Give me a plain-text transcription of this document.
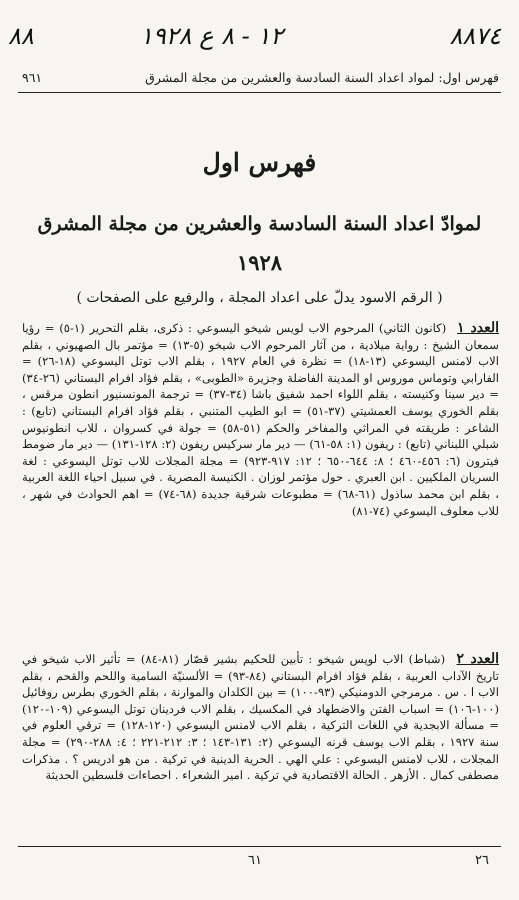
٨٨	١٢ - ٨ ع ١٩٢٨	٨٨٧٤
فهرس اول: لمواد اعداد السنة السادسة والعشرين من مجلة المشرق
٩٦١
فهرس اول
لموادّ اعداد السنة السادسة والعشرين من مجلة المشرق
١٩٢٨
( الرقم الاسود يدلّ على اعداد المجلة ، والرفيع على الصفحات )
العدد ١ (كانون الثاني) المرحوم الاب لويس شيخو اليسوعي : ذكرى، بقلم التحرير (١-٥) = رؤيا سمعان الشيخ : رواية ميلادية ، من آثار المرحوم الاب شيخو (٥-١٣) = مؤتمر بال الصهيوني ، بقلم الاب لامنس اليسوعي (١٣-١٨) = نظرة في العام ١٩٢٧ ، بقلم الاب توتل اليسوعي (١٨-٢٦) = الفارابي وتوماس موروس او المدينة الفاضلة وجزيرة «الطوبى» ، بقلم فؤاد افرام البستاني (٢٦-٣٤) = دير سينا وكنيسته ، بقلم اللواء احمد شفيق باشا (٣٤-٣٧) = ترجمة المونسنيور انطون مرقس ، بقلم الخوري يوسف العمشيتي (٣٧-٥١) = ابو الطيب المتنبي ، بقلم فؤاد افرام البستاني (تابع) : الشاعر : طريقته في المراثي والمفاخر والحكم (٥١-٥٨) = جولة في كسروان ، للاب انطونيوس شبلي اللبناني (تابع) : ريفون (١: ٥٨-٦١) — دير مار سركيس ريفون (٢: ١٢٨-١٣١) — دير مار ضومط فيترون (٦: ٤٥٦-٤٦٠ ؛ ٨: ٦٤٤-٦٥٠ ؛ ١٢: ٩١٧-٩٢٣) = مجلة المجلات للاب توتل اليسوعي : لغة السريان الملكيين . ابن العبري . حول مؤتمر لوزان . الكنيسة المصرية . في سبيل احياء اللغة العربية ، بقلم ابن محمد ساذول (٦١-٦٨) = مطبوعات شرقية جديدة (٦٨-٧٤) = اهم الحوادث في شهر ، للاب معلوف اليسوعي (٧٤-٨١)
العدد ٢ (شباط) الاب لويس شيخو : تأبين للحكيم بشير قصّار (٨١-٨٤) = تأثير الاب شيخو في تاريخ الآداب العربية ، بقلم فؤاد افرام البستاني (٨٤-٩٣) = الألسنيّة السامية واللحم والقحم ، بقلم الاب ا . س . مرمرجي الدومنيكي (٩٣-١٠٠) = بين الكلدان والموارنة ، بقلم الخوري بطرس روفائيل (١٠٠-١٠٦) = اسباب الفتن والاضطهاد في المكسيك ، بقلم الاب فردينان توتل اليسوعي (١٠٩-١٢٠) = مسألة الابجدية في اللغات التركية ، بقلم الاب لامنس اليسوعي (١٢٠-١٢٨) = ترقي العلوم في سنة ١٩٢٧ ، بقلم الاب يوسف قرنه اليسوعي (٢: ١٣١-١٤٣ ؛ ٣: ٢١٢-٢٢١ ؛ ٤: ٢٨٨-٢٩٠) = مجلة المجلات ، للاب لامنس اليسوعي : علي الهي . الحرية الدينية في تركية . من هو ادريس ؟ . مذكرات مصطفى كمال . الأزهر . الحالة الاقتصادية في تركية . امير الشعراء . احصاءات فلسطين الحديثة
٦١	٢٦
